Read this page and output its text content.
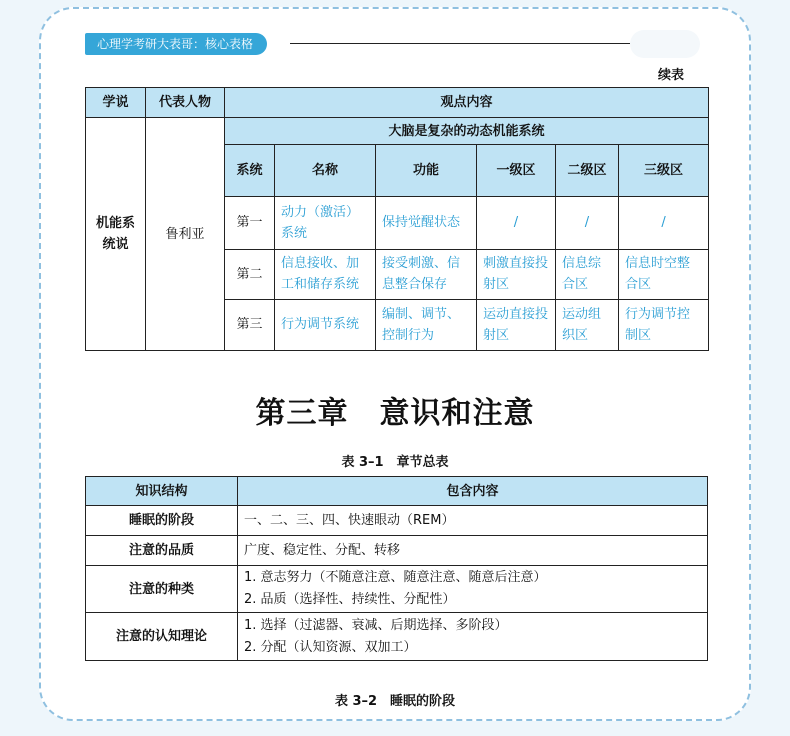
心理学考研大表哥：核心表格
续表
学说	代表人物	观点内容					
机能系统说	鲁利亚	大脑是复杂的动态机能系统					
		系统	名称	功能	一级区	二级区	三级区
		第一	动力（激活）系统	保持觉醒状态	/	/	/
		第二	信息接收、加工和储存系统	接受刺激、信息整合保存	刺激直接投射区	信息综合区	信息时空整合区
		第三	行为调节系统	编制、调节、控制行为	运动直接投射区	运动组织区	行为调节控制区
第三章　意识和注意
表 3–1　章节总表
知识结构	包含内容
睡眠的阶段	一、二、三、四、快速眼动（REM）

注意的品质	广度、稳定性、分配、转移

注意的种类	1. 意志努力（不随意注意、随意注意、随意后注意）
2. 品质（选择性、持续性、分配性）

注意的认知理论	1. 选择（过滤器、衰减、后期选择、多阶段）
2. 分配（认知资源、双加工）
表 3–2　睡眠的阶段
